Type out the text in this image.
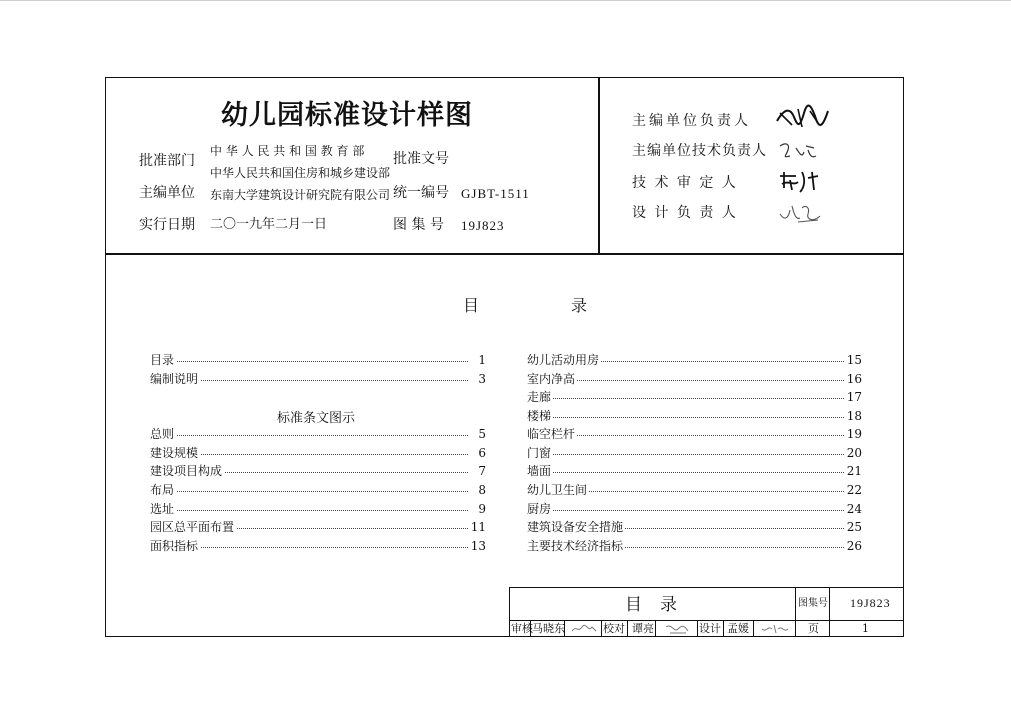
幼儿园标准设计样图
批准部门
中 华 人 民 共 和 国 教 育 部
中华人民共和国住房和城乡建设部
主编单位 东南大学建筑设计研究院有限公司
实行日期 二〇一九年二月一日
批准文号
统一编号 GJBT-1511
图 集 号 19J823
主编单位负责人
主编单位技术负责人
技 术 审 定 人
设 计 负 责 人
目　　录
目录	1
编制说明	3
标准条文图示
总则	5
建设规模	6
建设项目构成	7
布局	8
选址	9
园区总平面布置	11
面积指标	13
幼儿活动用房	15
室内净高	16
走廊	17
楼梯	18
临空栏杆	19
门窗	20
墙面	21
幼儿卫生间	22
厨房	24
建筑设备安全措施	25
主要技术经济指标	26
目录	图集号 19J823
审核 马晓东	校对 谭亮	设计 孟媛	页	1
